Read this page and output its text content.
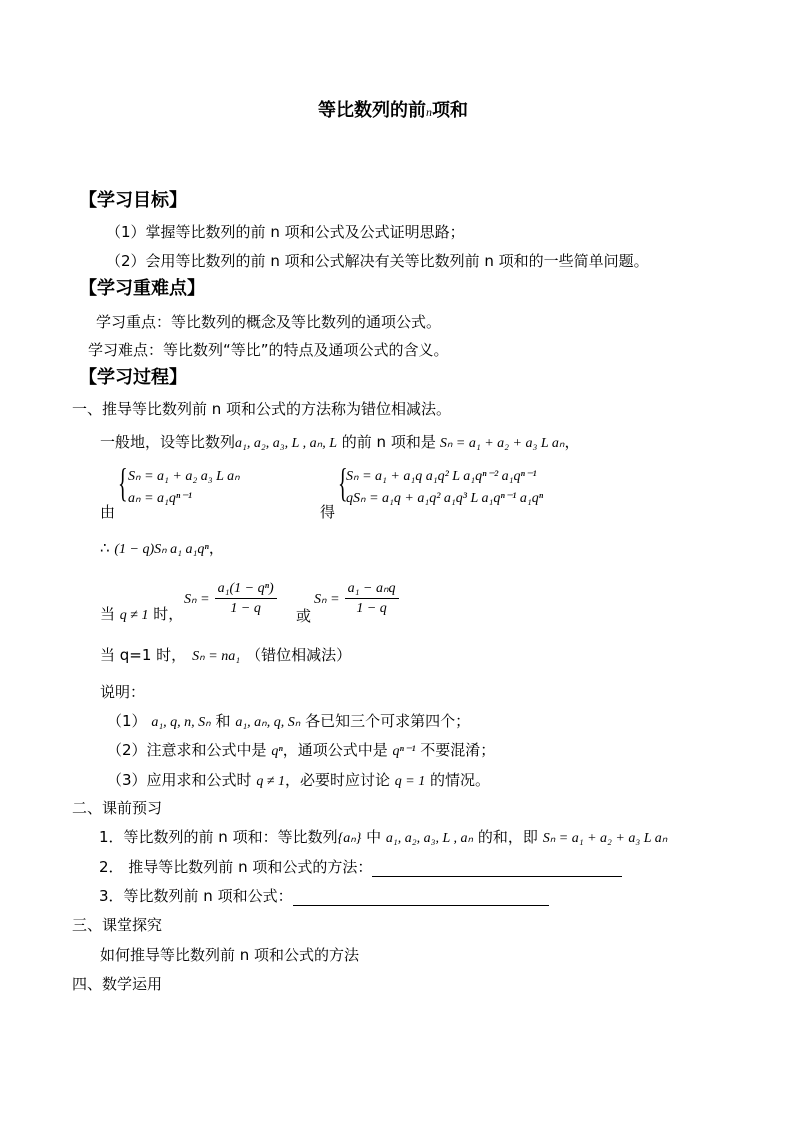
等比数列的前n项和
【学习目标】
（1）掌握等比数列的前 n 项和公式及公式证明思路；
（2）会用等比数列的前 n 项和公式解决有关等比数列前 n 项和的一些简单问题。
【学习重难点】
学习重点：等比数列的概念及等比数列的通项公式。
学习难点：等比数列“等比”的特点及通项公式的含义。
【学习过程】
一、推导等比数列前 n 项和公式的方法称为错位相减法。
一般地，设等比数列a₁, a₂, a₃, L , aₙ, L 的前 n 项和是 Sₙ = a₁ + a₂ + a₃ L aₙ，
由
{ Sₙ = a₁ + a₂ a₃ L aₙ
aₙ = a₁qⁿ⁻¹
得
{
Sₙ = a₁ + a₁q a₁q² L a₁qⁿ⁻² a₁qⁿ⁻¹
qSₙ = a₁q + a₁q² a₁q³ L a₁qⁿ⁻¹ a₁qⁿ
∴ (1 − q)Sₙ a₁ a₁qⁿ，
当 q ≠ 1 时，
$S_n = \frac{\text{a₁(1 − qⁿ)}}{1 - q}$ 或
$S_n = \frac{\text{a₁ − aₙq}}{1 - q}$
当 q=1 时， Sₙ = na₁ （错位相减法）
说明：
（1） a₁, q, n, Sₙ 和 a₁, aₙ, q, Sₙ 各已知三个可求第四个；
（2）注意求和公式中是 qⁿ，通项公式中是 qⁿ⁻¹ 不要混淆；
（3）应用求和公式时 q ≠ 1，必要时应讨论 q = 1 的情况。
二、课前预习
1．等比数列的前 n 项和：等比数列{aₙ} 中 a₁, a₂, a₃, L , aₙ 的和，即 Sₙ = a₁ + a₂ + a₃ L aₙ
2． 推导等比数列前 n 项和公式的方法：
3．等比数列前 n 项和公式：
三、课堂探究
如何推导等比数列前 n 项和公式的方法
四、数学运用
